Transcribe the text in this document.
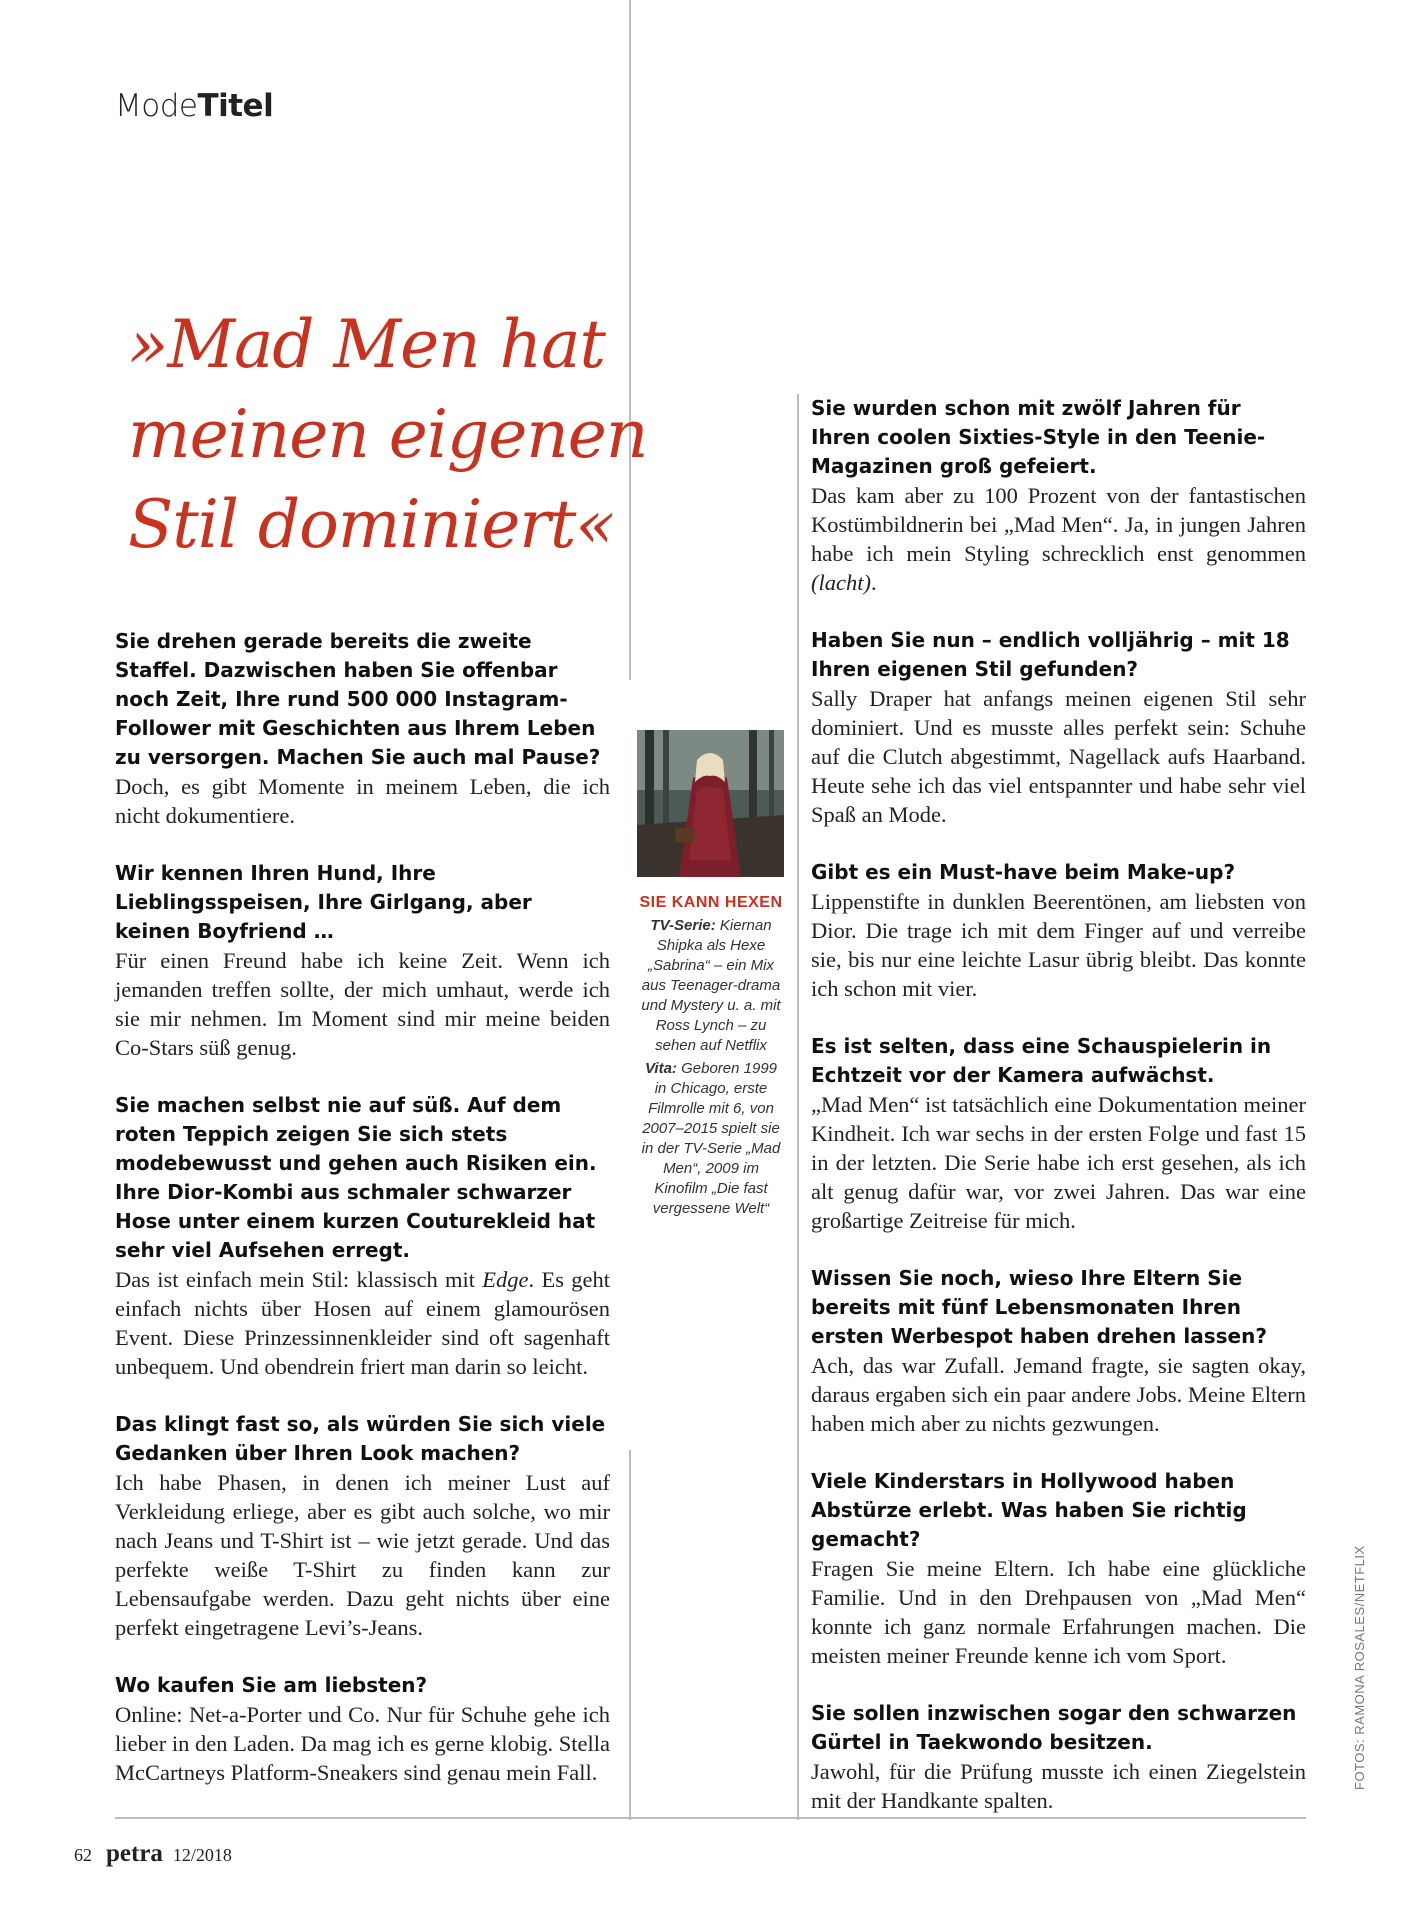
ModeTitel
»Mad Men hat
meinen eigenen
Stil dominiert«

Sie drehen gerade bereits die zweite Staffel. Dazwischen haben Sie offenbar noch Zeit, Ihre rund 500 000 Instagram-Follower mit Geschichten aus Ihrem Leben zu versorgen. Machen Sie auch mal Pause?

Doch, es gibt Momente in meinem Leben, die ich nicht dokumentiere.

Wir kennen Ihren Hund, Ihre Lieblingsspeisen, Ihre Girlgang, aber keinen Boyfriend …

Für einen Freund habe ich keine Zeit. Wenn ich jemanden treffen sollte, der mich umhaut, werde ich sie mir nehmen. Im Moment sind mir meine beiden Co-Stars süß genug.

Sie machen selbst nie auf süß. Auf dem roten Teppich zeigen Sie sich stets modebewusst und gehen auch Risiken ein. Ihre Dior-Kombi aus schmaler schwarzer Hose unter einem kurzen Couturekleid hat sehr viel Aufsehen erregt.

Das ist einfach mein Stil: klassisch mit Edge. Es geht einfach nichts über Hosen auf einem glamourösen Event. Diese Prinzessinnenkleider sind oft sagenhaft unbequem. Und obendrein friert man darin so leicht.

Das klingt fast so, als würden Sie sich viele Gedanken über Ihren Look machen?

Ich habe Phasen, in denen ich meiner Lust auf Verkleidung erliege, aber es gibt auch solche, wo mir nach Jeans und T-Shirt ist – wie jetzt gerade. Und das perfekte weiße T-Shirt zu finden kann zur Lebensaufgabe werden. Dazu geht nichts über eine perfekt eingetragene Levi’s-Jeans.

Wo kaufen Sie am liebsten?

Online: Net-a-Porter und Co. Nur für Schuhe gehe ich lieber in den Laden. Da mag ich es gerne klobig. Stella McCartneys Platform-Sneakers sind genau mein Fall.

SIE KANN HEXEN
TV-Serie: Kiernan Shipka als Hexe „Sabrina“ – ein Mix aus Teenager-drama und Mystery u. a. mit Ross Lynch – zu sehen auf Netflix
Vita: Geboren 1999 in Chicago, erste Filmrolle mit 6, von 2007–2015 spielt sie in der TV-Serie „Mad Men“, 2009 im Kinofilm „Die fast vergessene Welt“

Sie wurden schon mit zwölf Jahren für Ihren coolen Sixties-Style in den Teenie-Magazinen groß gefeiert.

Das kam aber zu 100 Prozent von der fantastischen Kostümbildnerin bei „Mad Men“. Ja, in jungen Jahren habe ich mein Styling schrecklich enst genommen (lacht).

Haben Sie nun – endlich volljährig – mit 18 Ihren eigenen Stil gefunden?

Sally Draper hat anfangs meinen eigenen Stil sehr dominiert. Und es musste alles perfekt sein: Schuhe auf die Clutch abgestimmt, Nagellack aufs Haarband. Heute sehe ich das viel entspannter und habe sehr viel Spaß an Mode.

Gibt es ein Must-have beim Make-up?

Lippenstifte in dunklen Beerentönen, am liebsten von Dior. Die trage ich mit dem Finger auf und verreibe sie, bis nur eine leichte Lasur übrig bleibt. Das konnte ich schon mit vier.

Es ist selten, dass eine Schauspielerin in Echtzeit vor der Kamera aufwächst.

„Mad Men“ ist tatsächlich eine Dokumentation meiner Kindheit. Ich war sechs in der ersten Folge und fast 15 in der letzten. Die Serie habe ich erst gesehen, als ich alt genug dafür war, vor zwei Jahren. Das war eine großartige Zeitreise für mich.

Wissen Sie noch, wieso Ihre Eltern Sie bereits mit fünf Lebensmonaten Ihren ersten Werbespot haben drehen lassen?

Ach, das war Zufall. Jemand fragte, sie sagten okay, daraus ergaben sich ein paar andere Jobs. Meine Eltern haben mich aber zu nichts gezwungen.

Viele Kinderstars in Hollywood haben Abstürze erlebt. Was haben Sie richtig gemacht?

Fragen Sie meine Eltern. Ich habe eine glückliche Familie. Und in den Drehpausen von „Mad Men“ konnte ich ganz normale Erfahrungen machen. Die meisten meiner Freunde kenne ich vom Sport.

Sie sollen inzwischen sogar den schwarzen Gürtel in Taekwondo besitzen.

Jawohl, für die Prüfung musste ich einen Ziegelstein mit der Handkante spalten.

FOTOS: RAMONA ROSALES/NETFLIX
62 petra 12/2018
